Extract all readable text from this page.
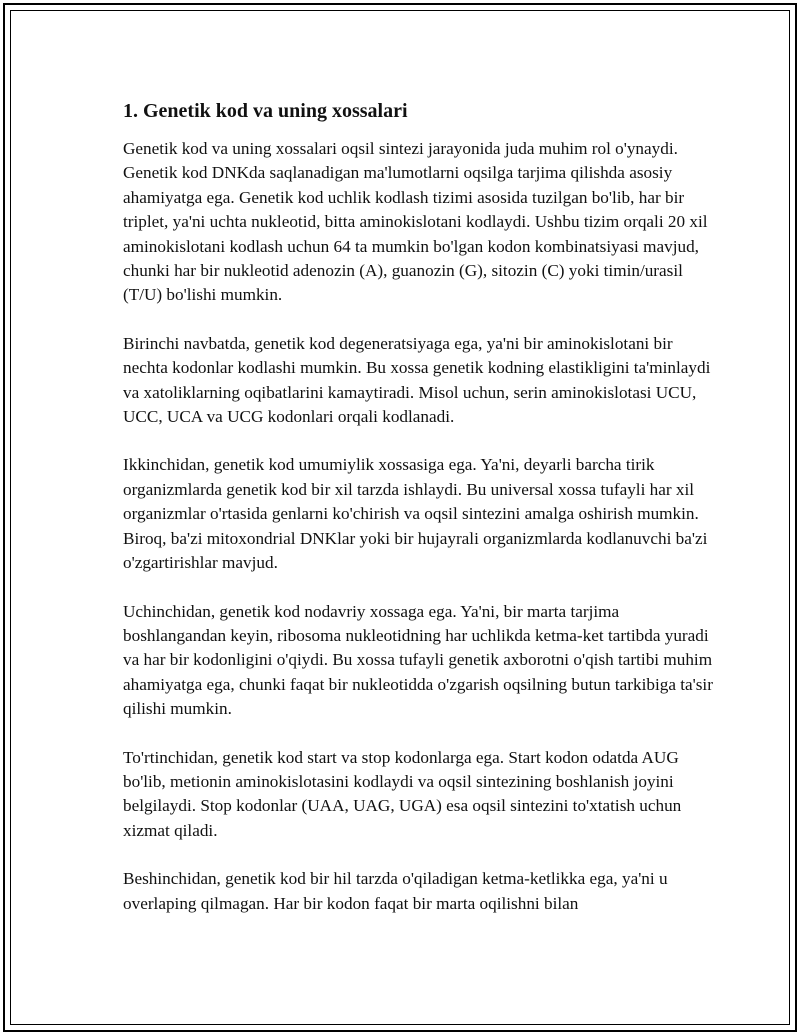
1. Genetik kod va uning xossalari

Genetik kod va uning xossalari oqsil sintezi jarayonida juda muhim rol o'ynaydi. Genetik kod DNKda saqlanadigan ma'lumotlarni oqsilga tarjima qilishda asosiy ahamiyatga ega. Genetik kod uchlik kodlash tizimi asosida tuzilgan bo'lib, har bir triplet, ya'ni uchta nukleotid, bitta aminokislotani kodlaydi. Ushbu tizim orqali 20 xil aminokislotani kodlash uchun 64 ta mumkin bo'lgan kodon kombinatsiyasi mavjud, chunki har bir nukleotid adenozin (A), guanozin (G), sitozin (C) yoki timin/urasil (T/U) bo'lishi mumkin.

Birinchi navbatda, genetik kod degeneratsiyaga ega, ya'ni bir aminokislotani bir nechta kodonlar kodlashi mumkin. Bu xossa genetik kodning elastikligini ta'minlaydi va xatoliklarning oqibatlarini kamaytiradi. Misol uchun, serin aminokislotasi UCU, UCC, UCA va UCG kodonlari orqali kodlanadi.

Ikkinchidan, genetik kod umumiylik xossasiga ega. Ya'ni, deyarli barcha tirik organizmlarda genetik kod bir xil tarzda ishlaydi. Bu universal xossa tufayli har xil organizmlar o'rtasida genlarni ko'chirish va oqsil sintezini amalga oshirish mumkin. Biroq, ba'zi mitoxondrial DNKlar yoki bir hujayrali organizmlarda kodlanuvchi ba'zi o'zgartirishlar mavjud.

Uchinchidan, genetik kod nodavriy xossaga ega. Ya'ni, bir marta tarjima boshlangandan keyin, ribosoma nukleotidning har uchlikda ketma-ket tartibda yuradi va har bir kodonligini o'qiydi. Bu xossa tufayli genetik axborotni o'qish tartibi muhim ahamiyatga ega, chunki faqat bir nukleotidda o'zgarish oqsilning butun tarkibiga ta'sir qilishi mumkin.

To'rtinchidan, genetik kod start va stop kodonlarga ega. Start kodon odatda AUG bo'lib, metionin aminokislotasini kodlaydi va oqsil sintezining boshlanish joyini belgilaydi. Stop kodonlar (UAA, UAG, UGA) esa oqsil sintezini to'xtatish uchun xizmat qiladi.

Beshinchidan, genetik kod bir hil tarzda o'qiladigan ketma-ketlikka ega, ya'ni u overlaping qilmagan. Har bir kodon faqat bir marta oqilishni bilan
